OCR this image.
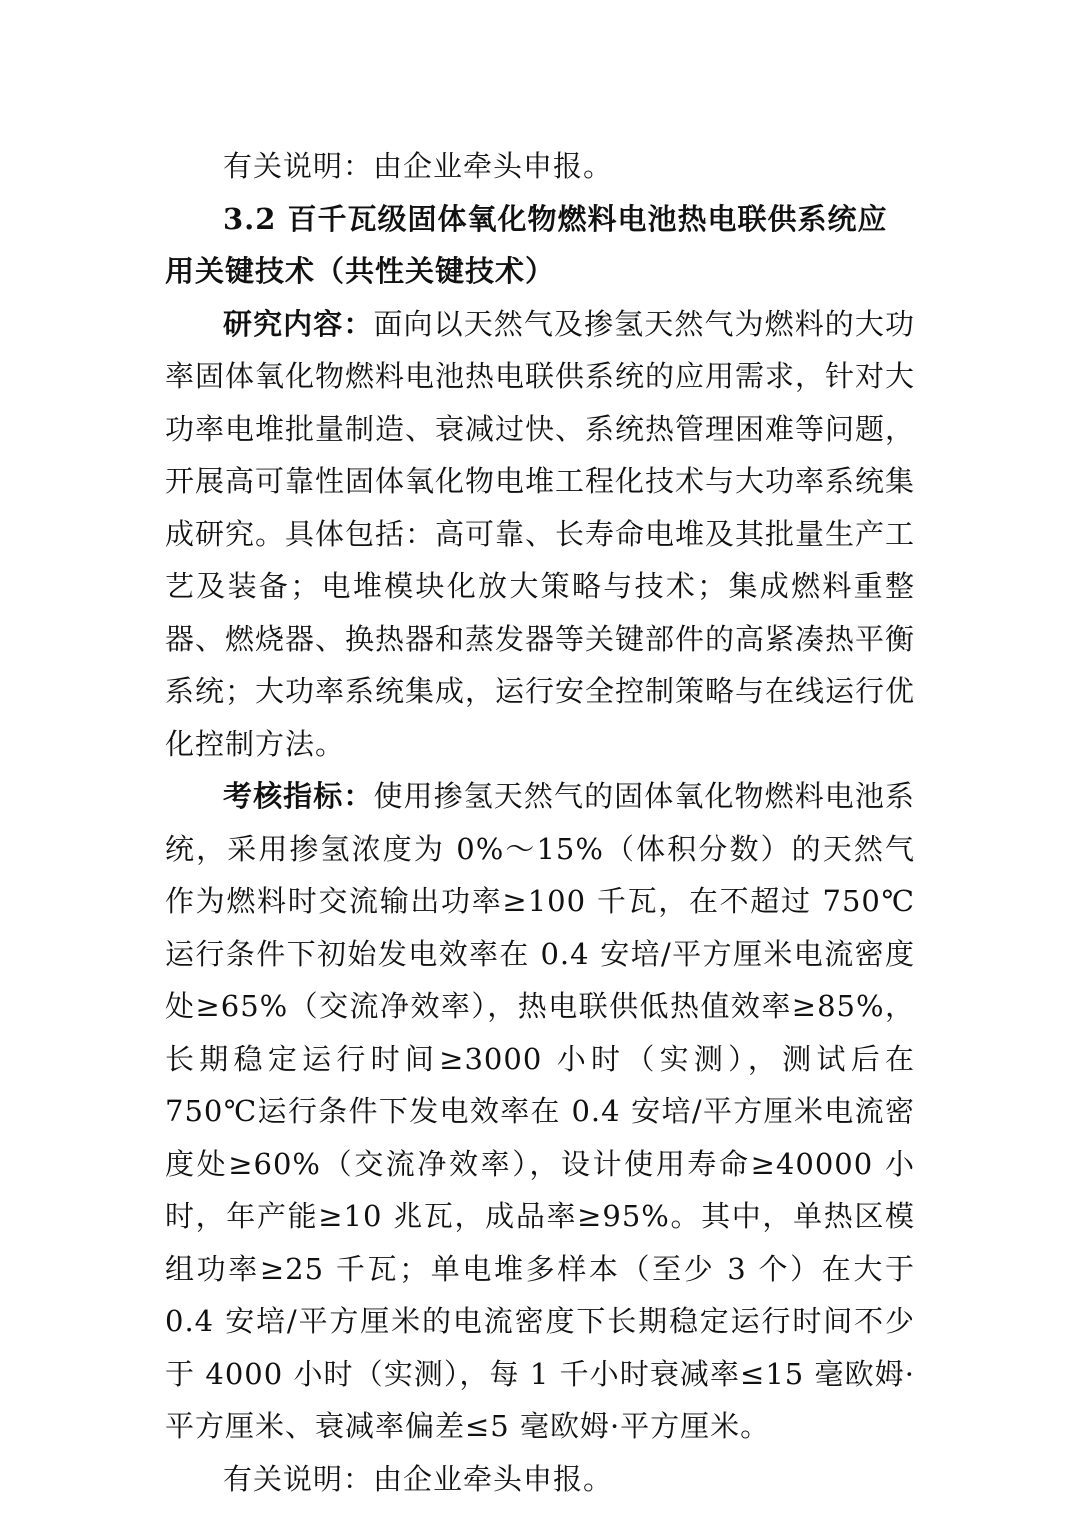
有关说明：由企业牵头申报。

3.2 百千瓦级固体氧化物燃料电池热电联供系统应用关键技术（共性关键技术）

研究内容：面向以天然气及掺氢天然气为燃料的大功率固体氧化物燃料电池热电联供系统的应用需求，针对大功率电堆批量制造、衰减过快、系统热管理困难等问题，开展高可靠性固体氧化物电堆工程化技术与大功率系统集成研究。具体包括：高可靠、长寿命电堆及其批量生产工艺及装备；电堆模块化放大策略与技术；集成燃料重整器、燃烧器、换热器和蒸发器等关键部件的高紧凑热平衡系统；大功率系统集成，运行安全控制策略与在线运行优化控制方法。

考核指标：使用掺氢天然气的固体氧化物燃料电池系统，采用掺氢浓度为 0%～15%（体积分数）的天然气作为燃料时交流输出功率≥100 千瓦，在不超过 750℃运行条件下初始发电效率在 0.4 安培/平方厘米电流密度处≥65%（交流净效率），热电联供低热值效率≥85%，长期稳定运行时间≥3000 小时（实测），测试后在 750℃运行条件下发电效率在 0.4 安培/平方厘米电流密度处≥60%（交流净效率），设计使用寿命≥40000 小时，年产能≥10 兆瓦，成品率≥95%。其中，单热区模组功率≥25 千瓦；单电堆多样本（至少 3 个）在大于 0.4 安培/平方厘米的电流密度下长期稳定运行时间不少于 4000 小时（实测），每 1 千小时衰减率≤15 毫欧姆·平方厘米、衰减率偏差≤5 毫欧姆·平方厘米。

有关说明：由企业牵头申报。
